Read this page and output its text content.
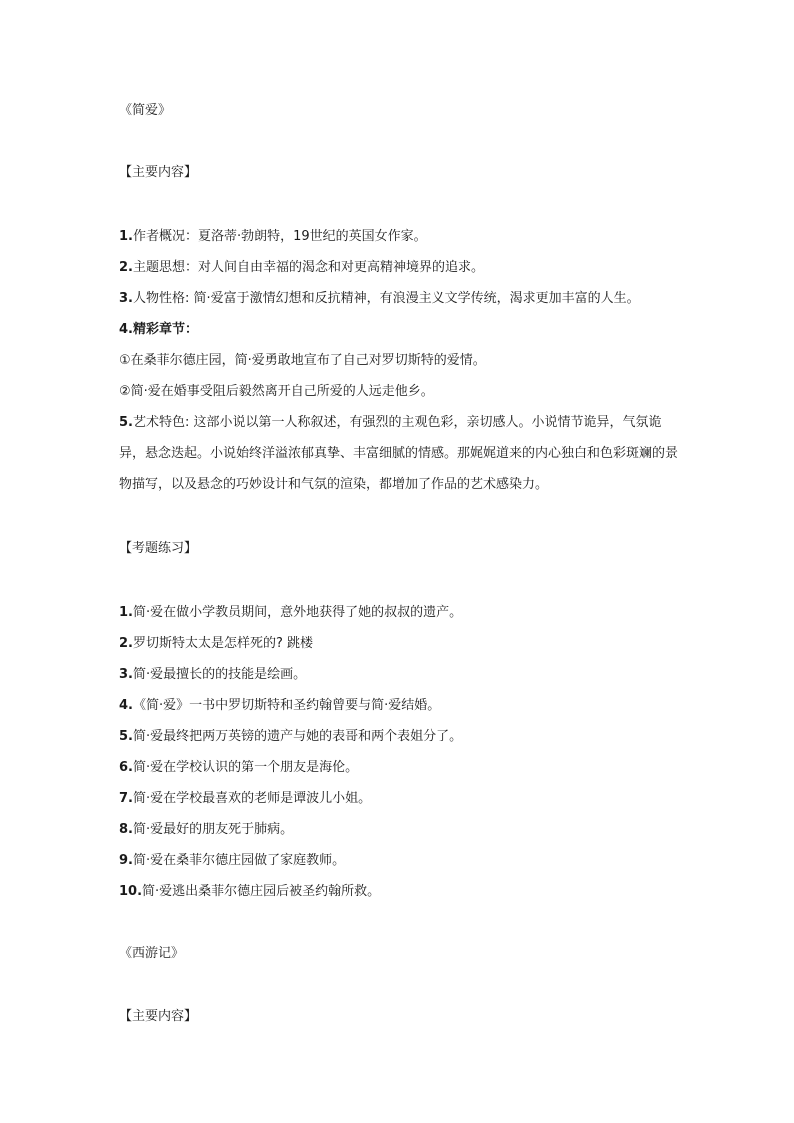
《简爱》
【主要内容】
1.作者概况：夏洛蒂·勃朗特，19世纪的英国女作家。
2.主题思想：对人间自由幸福的渴念和对更高精神境界的追求。
3.人物性格: 简·爱富于激情幻想和反抗精神，有浪漫主义文学传统，渴求更加丰富的人生。
4.精彩章节：
①在桑菲尔德庄园，简·爱勇敢地宣布了自己对罗切斯特的爱情。
②简·爱在婚事受阻后毅然离开自己所爱的人远走他乡。
5.艺术特色: 这部小说以第一人称叙述，有强烈的主观色彩，亲切感人。小说情节诡异，气氛诡异，悬念迭起。小说始终洋溢浓郁真挚、丰富细腻的情感。那娓娓道来的内心独白和色彩斑斓的景物描写，以及悬念的巧妙设计和气氛的渲染，都增加了作品的艺术感染力。
【考题练习】
1.简·爱在做小学教员期间，意外地获得了她的叔叔的遗产。
2.罗切斯特太太是怎样死的? 跳楼
3.简·爱最擅长的的技能是绘画。
4.《简·爱》一书中罗切斯特和圣约翰曾要与简·爱结婚。
5.简·爱最终把两万英镑的遗产与她的表哥和两个表姐分了。
6.简·爱在学校认识的第一个朋友是海伦。
7.简·爱在学校最喜欢的老师是谭波儿小姐。
8.简·爱最好的朋友死于肺病。
9.简·爱在桑菲尔德庄园做了家庭教师。
10.简·爱逃出桑菲尔德庄园后被圣约翰所救。
《西游记》
【主要内容】
